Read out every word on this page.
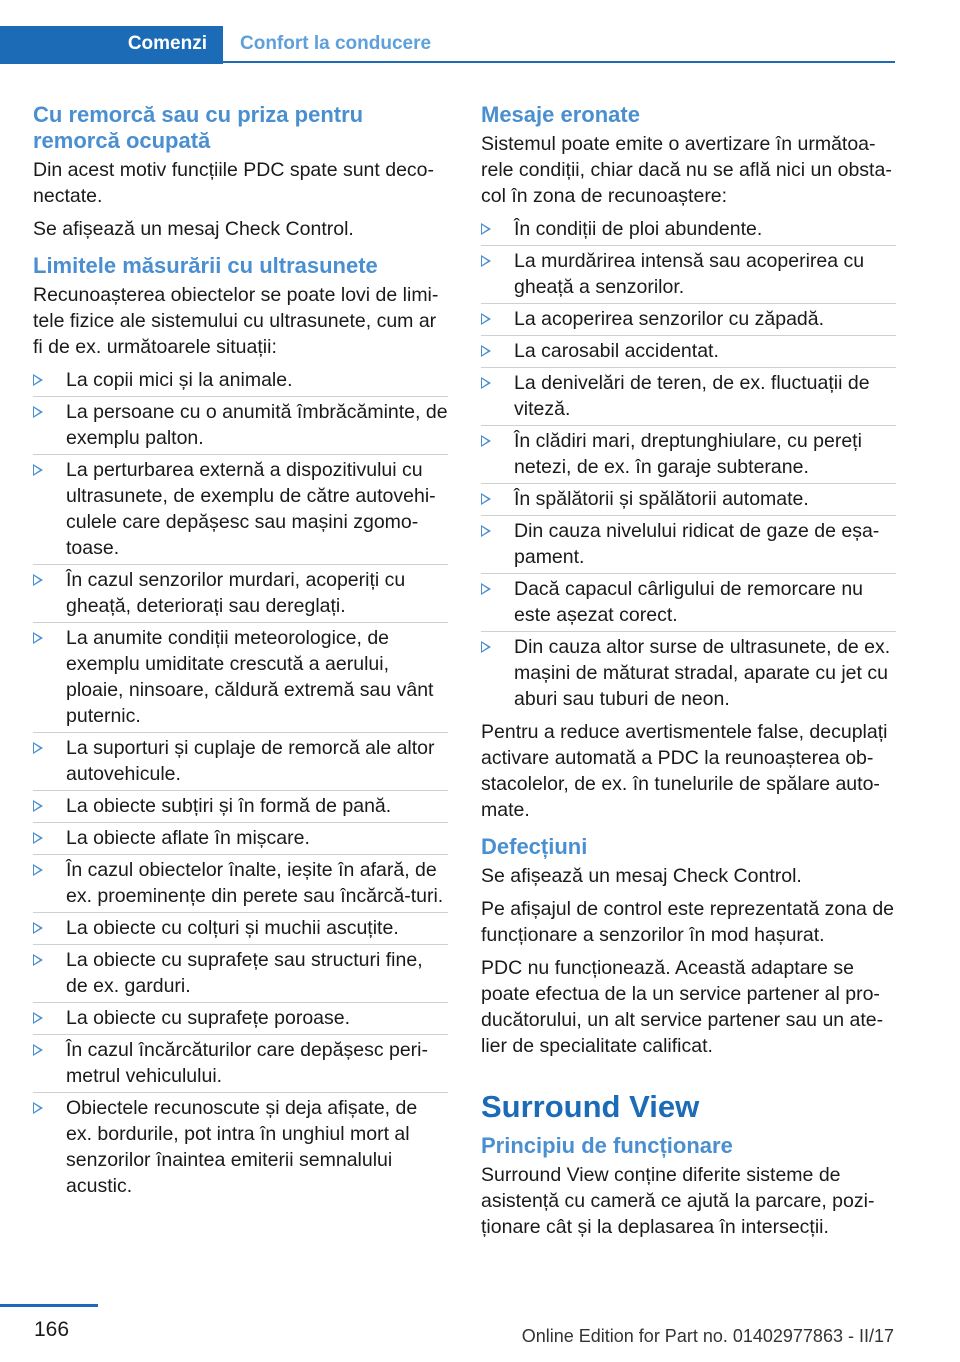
Comenzi	Confort la conducere
Cu remorcă sau cu priza pentru remorcă ocupată
Din acest motiv funcțiile PDC spate sunt deco‐nectate.
Se afișează un mesaj Check Control.
Limitele măsurării cu ultrasunete
Recunoașterea obiectelor se poate lovi de limi‐tele fizice ale sistemului cu ultrasunete, cum ar fi de ex. următoarele situații:
La copii mici și la animale.
La persoane cu o anumită îmbrăcăminte, de exemplu palton.
La perturbarea externă a dispozitivului cu ultrasunete, de exemplu de către autovehi‐culele care depășesc sau mașini zgomo‐toase.
În cazul senzorilor murdari, acoperiți cu gheață, deteriorați sau dereglați.
La anumite condiții meteorologice, de exemplu umiditate crescută a aerului, ploaie, ninsoare, căldură extremă sau vânt puternic.
La suporturi și cuplaje de remorcă ale altor autovehicule.
La obiecte subțiri și în formă de pană.
La obiecte aflate în mișcare.
În cazul obiectelor înalte, ieșite în afară, de ex. proeminențe din perete sau încărcă‐turi.
La obiecte cu colțuri și muchii ascuțite.
La obiecte cu suprafețe sau structuri fine, de ex. garduri.
La obiecte cu suprafețe poroase.
În cazul încărcăturilor care depășesc peri‐metrul vehiculului.
Obiectele recunoscute și deja afișate, de ex. bordurile, pot intra în unghiul mort al senzorilor înaintea emiterii semnalului acustic.
Mesaje eronate
Sistemul poate emite o avertizare în următoa‐rele condiții, chiar dacă nu se află nici un obsta‐col în zona de recunoaștere:
În condiții de ploi abundente.
La murdărirea intensă sau acoperirea cu gheață a senzorilor.
La acoperirea senzorilor cu zăpadă.
La carosabil accidentat.
La denivelări de teren, de ex. fluctuații de viteză.
În clădiri mari, dreptunghiulare, cu pereți netezi, de ex. în garaje subterane.
În spălătorii și spălătorii automate.
Din cauza nivelului ridicat de gaze de eșa‐pament.
Dacă capacul cârligului de remorcare nu este așezat corect.
Din cauza altor surse de ultrasunete, de ex. mașini de măturat stradal, aparate cu jet cu aburi sau tuburi de neon.
Pentru a reduce avertismentele false, decuplați activare automată a PDC la reunoașterea ob‐stacolelor, de ex. în tunelurile de spălare auto‐mate.
Defecțiuni
Se afișează un mesaj Check Control.
Pe afișajul de control este reprezentată zona de funcționare a senzorilor în mod hașurat.
PDC nu funcționează. Această adaptare se poate efectua de la un service partener al pro‐ducătorului, un alt service partener sau un ate‐lier de specialitate calificat.
Surround View
Principiu de funcționare
Surround View conține diferite sisteme de asistență cu cameră ce ajută la parcare, pozi‐ționare cât și la deplasarea în intersecții.
166	Online Edition for Part no. 01402977863 - II/17
